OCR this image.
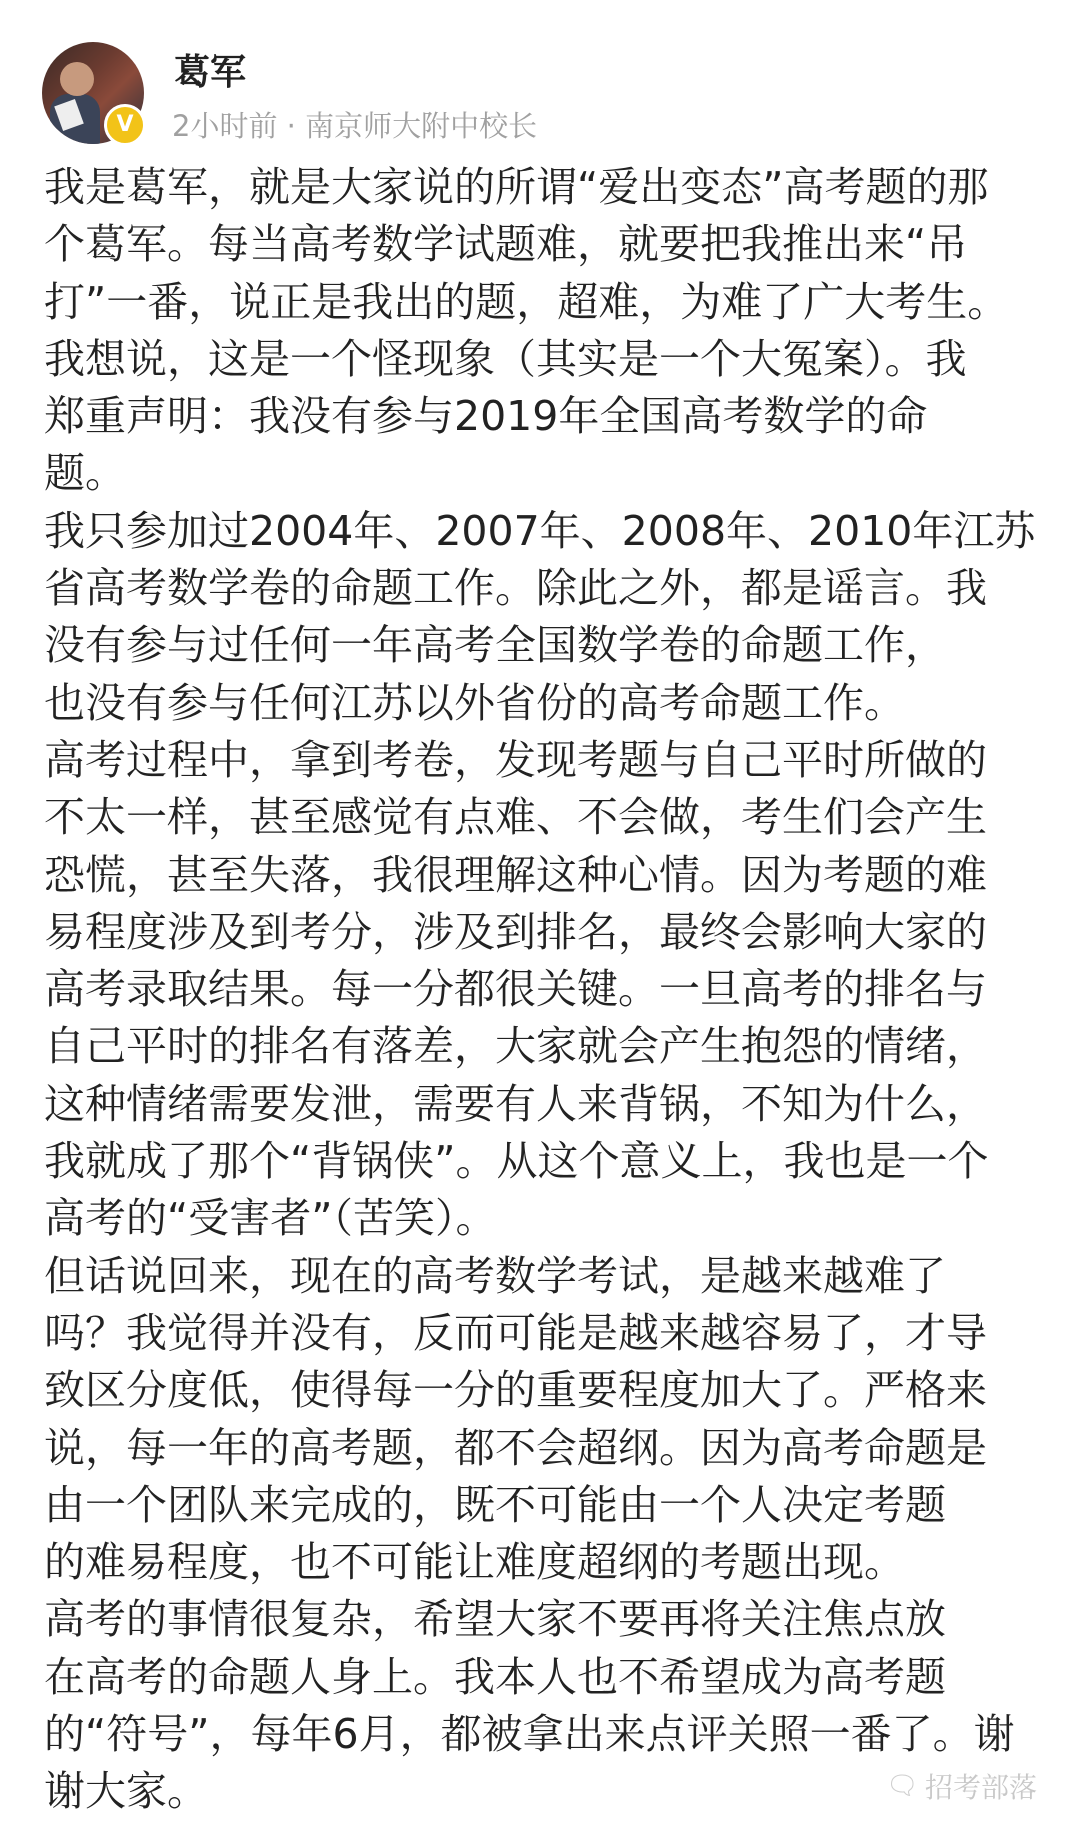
V
葛军
2小时前 · 南京师大附中校长
我是葛军，就是大家说的所谓“爱出变态”高考题的那
个葛军。每当高考数学试题难，就要把我推出来“吊
打”一番，说正是我出的题，超难，为难了广大考生。
我想说，这是一个怪现象（其实是一个大冤案）。我
郑重声明：我没有参与2019年全国高考数学的命
题。
我只参加过2004年、2007年、2008年、2010年江苏
省高考数学卷的命题工作。除此之外，都是谣言。我
没有参与过任何一年高考全国数学卷的命题工作，
也没有参与任何江苏以外省份的高考命题工作。
高考过程中，拿到考卷，发现考题与自己平时所做的
不太一样，甚至感觉有点难、不会做，考生们会产生
恐慌，甚至失落，我很理解这种心情。因为考题的难
易程度涉及到考分，涉及到排名，最终会影响大家的
高考录取结果。每一分都很关键。一旦高考的排名与
自己平时的排名有落差，大家就会产生抱怨的情绪，
这种情绪需要发泄，需要有人来背锅，不知为什么，
我就成了那个“背锅侠”。从这个意义上，我也是一个
高考的“受害者”（苦笑）。
但话说回来，现在的高考数学考试，是越来越难了
吗？我觉得并没有，反而可能是越来越容易了，才导
致区分度低，使得每一分的重要程度加大了。严格来
说，每一年的高考题，都不会超纲。因为高考命题是
由一个团队来完成的，既不可能由一个人决定考题
的难易程度，也不可能让难度超纲的考题出现。
高考的事情很复杂，希望大家不要再将关注焦点放
在高考的命题人身上。我本人也不希望成为高考题
的“符号”，每年6月，都被拿出来点评关照一番了。谢
谢大家。	🗨 招考部落
